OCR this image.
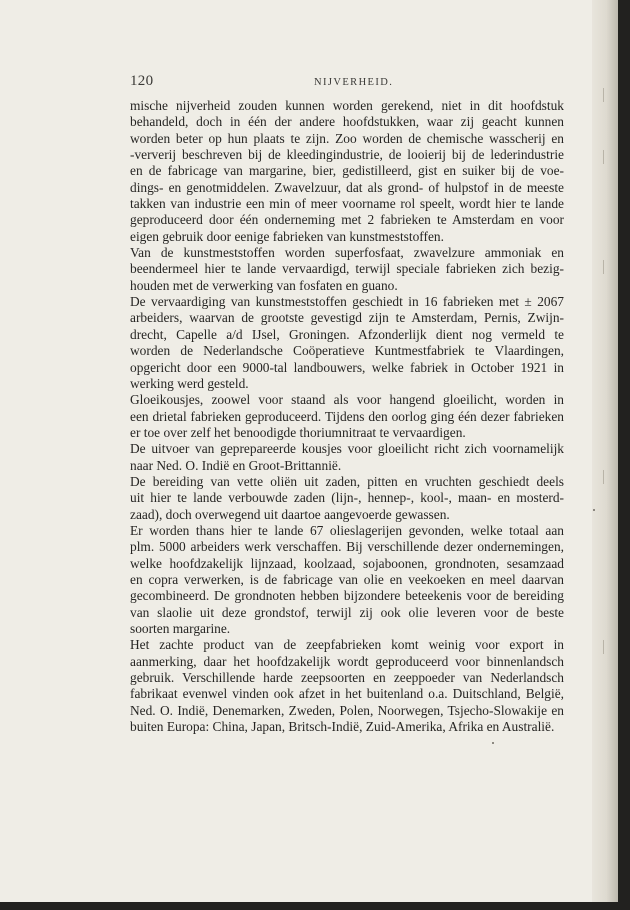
120	NIJVERHEID.
mische nijverheid zouden kunnen worden gerekend, niet in dit hoofdstuk
behandeld, doch in één der andere hoofdstukken, waar zij geacht kunnen
worden beter op hun plaats te zijn. Zoo worden de chemische wasscherij en
-ververij beschreven bij de kleedingindustrie, de looierij bij de lederindustrie
en de fabricage van margarine, bier, gedistilleerd, gist en suiker bij de voe-
dings- en genotmiddelen. Zwavelzuur, dat als grond- of hulpstof in de meeste
takken van industrie een min of meer voorname rol speelt, wordt hier te lande
geproduceerd door één onderneming met 2 fabrieken te Amsterdam en voor
eigen gebruik door eenige fabrieken van kunstmeststoffen.
Van de kunstmeststoffen worden superfosfaat, zwavelzure ammoniak en
beendermeel hier te lande vervaardigd, terwijl speciale fabrieken zich bezig-
houden met de verwerking van fosfaten en guano.
De vervaardiging van kunstmeststoffen geschiedt in 16 fabrieken met ± 2067
arbeiders, waarvan de grootste gevestigd zijn te Amsterdam, Pernis, Zwijn-
drecht, Capelle a/d IJsel, Groningen. Afzonderlijk dient nog vermeld te
worden de Nederlandsche Coöperatieve Kuntmestfabriek te Vlaardingen,
opgericht door een 9000-tal landbouwers, welke fabriek in October 1921 in
werking werd gesteld.
Gloeikousjes, zoowel voor staand als voor hangend gloeilicht, worden in
een drietal fabrieken geproduceerd. Tijdens den oorlog ging één dezer fabrieken
er toe over zelf het benoodigde thoriumnitraat te vervaardigen.
De uitvoer van geprepareerde kousjes voor gloeilicht richt zich voornamelijk
naar Ned. O. Indië en Groot-Brittannië.
De bereiding van vette oliën uit zaden, pitten en vruchten geschiedt deels
uit hier te lande verbouwde zaden (lijn-, hennep-, kool-, maan- en mosterd-
zaad), doch overwegend uit daartoe aangevoerde gewassen.
Er worden thans hier te lande 67 olieslagerijen gevonden, welke totaal aan
plm. 5000 arbeiders werk verschaffen. Bij verschillende dezer ondernemingen,
welke hoofdzakelijk lijnzaad, koolzaad, sojaboonen, grondnoten, sesamzaad
en copra verwerken, is de fabricage van olie en veekoeken en meel daarvan
gecombineerd. De grondnoten hebben bijzondere beteekenis voor de bereiding
van slaolie uit deze grondstof, terwijl zij ook olie leveren voor de beste
soorten margarine.
Het zachte product van de zeepfabrieken komt weinig voor export in
aanmerking, daar het hoofdzakelijk wordt geproduceerd voor binnenlandsch
gebruik. Verschillende harde zeepsoorten en zeeppoeder van Nederlandsch
fabrikaat evenwel vinden ook afzet in het buitenland o.a. Duitschland, België,
Ned. O. Indië, Denemarken, Zweden, Polen, Noorwegen, Tsjecho-Slowakije en
buiten Europa: China, Japan, Britsch-Indië, Zuid-Amerika, Afrika en Australië.
